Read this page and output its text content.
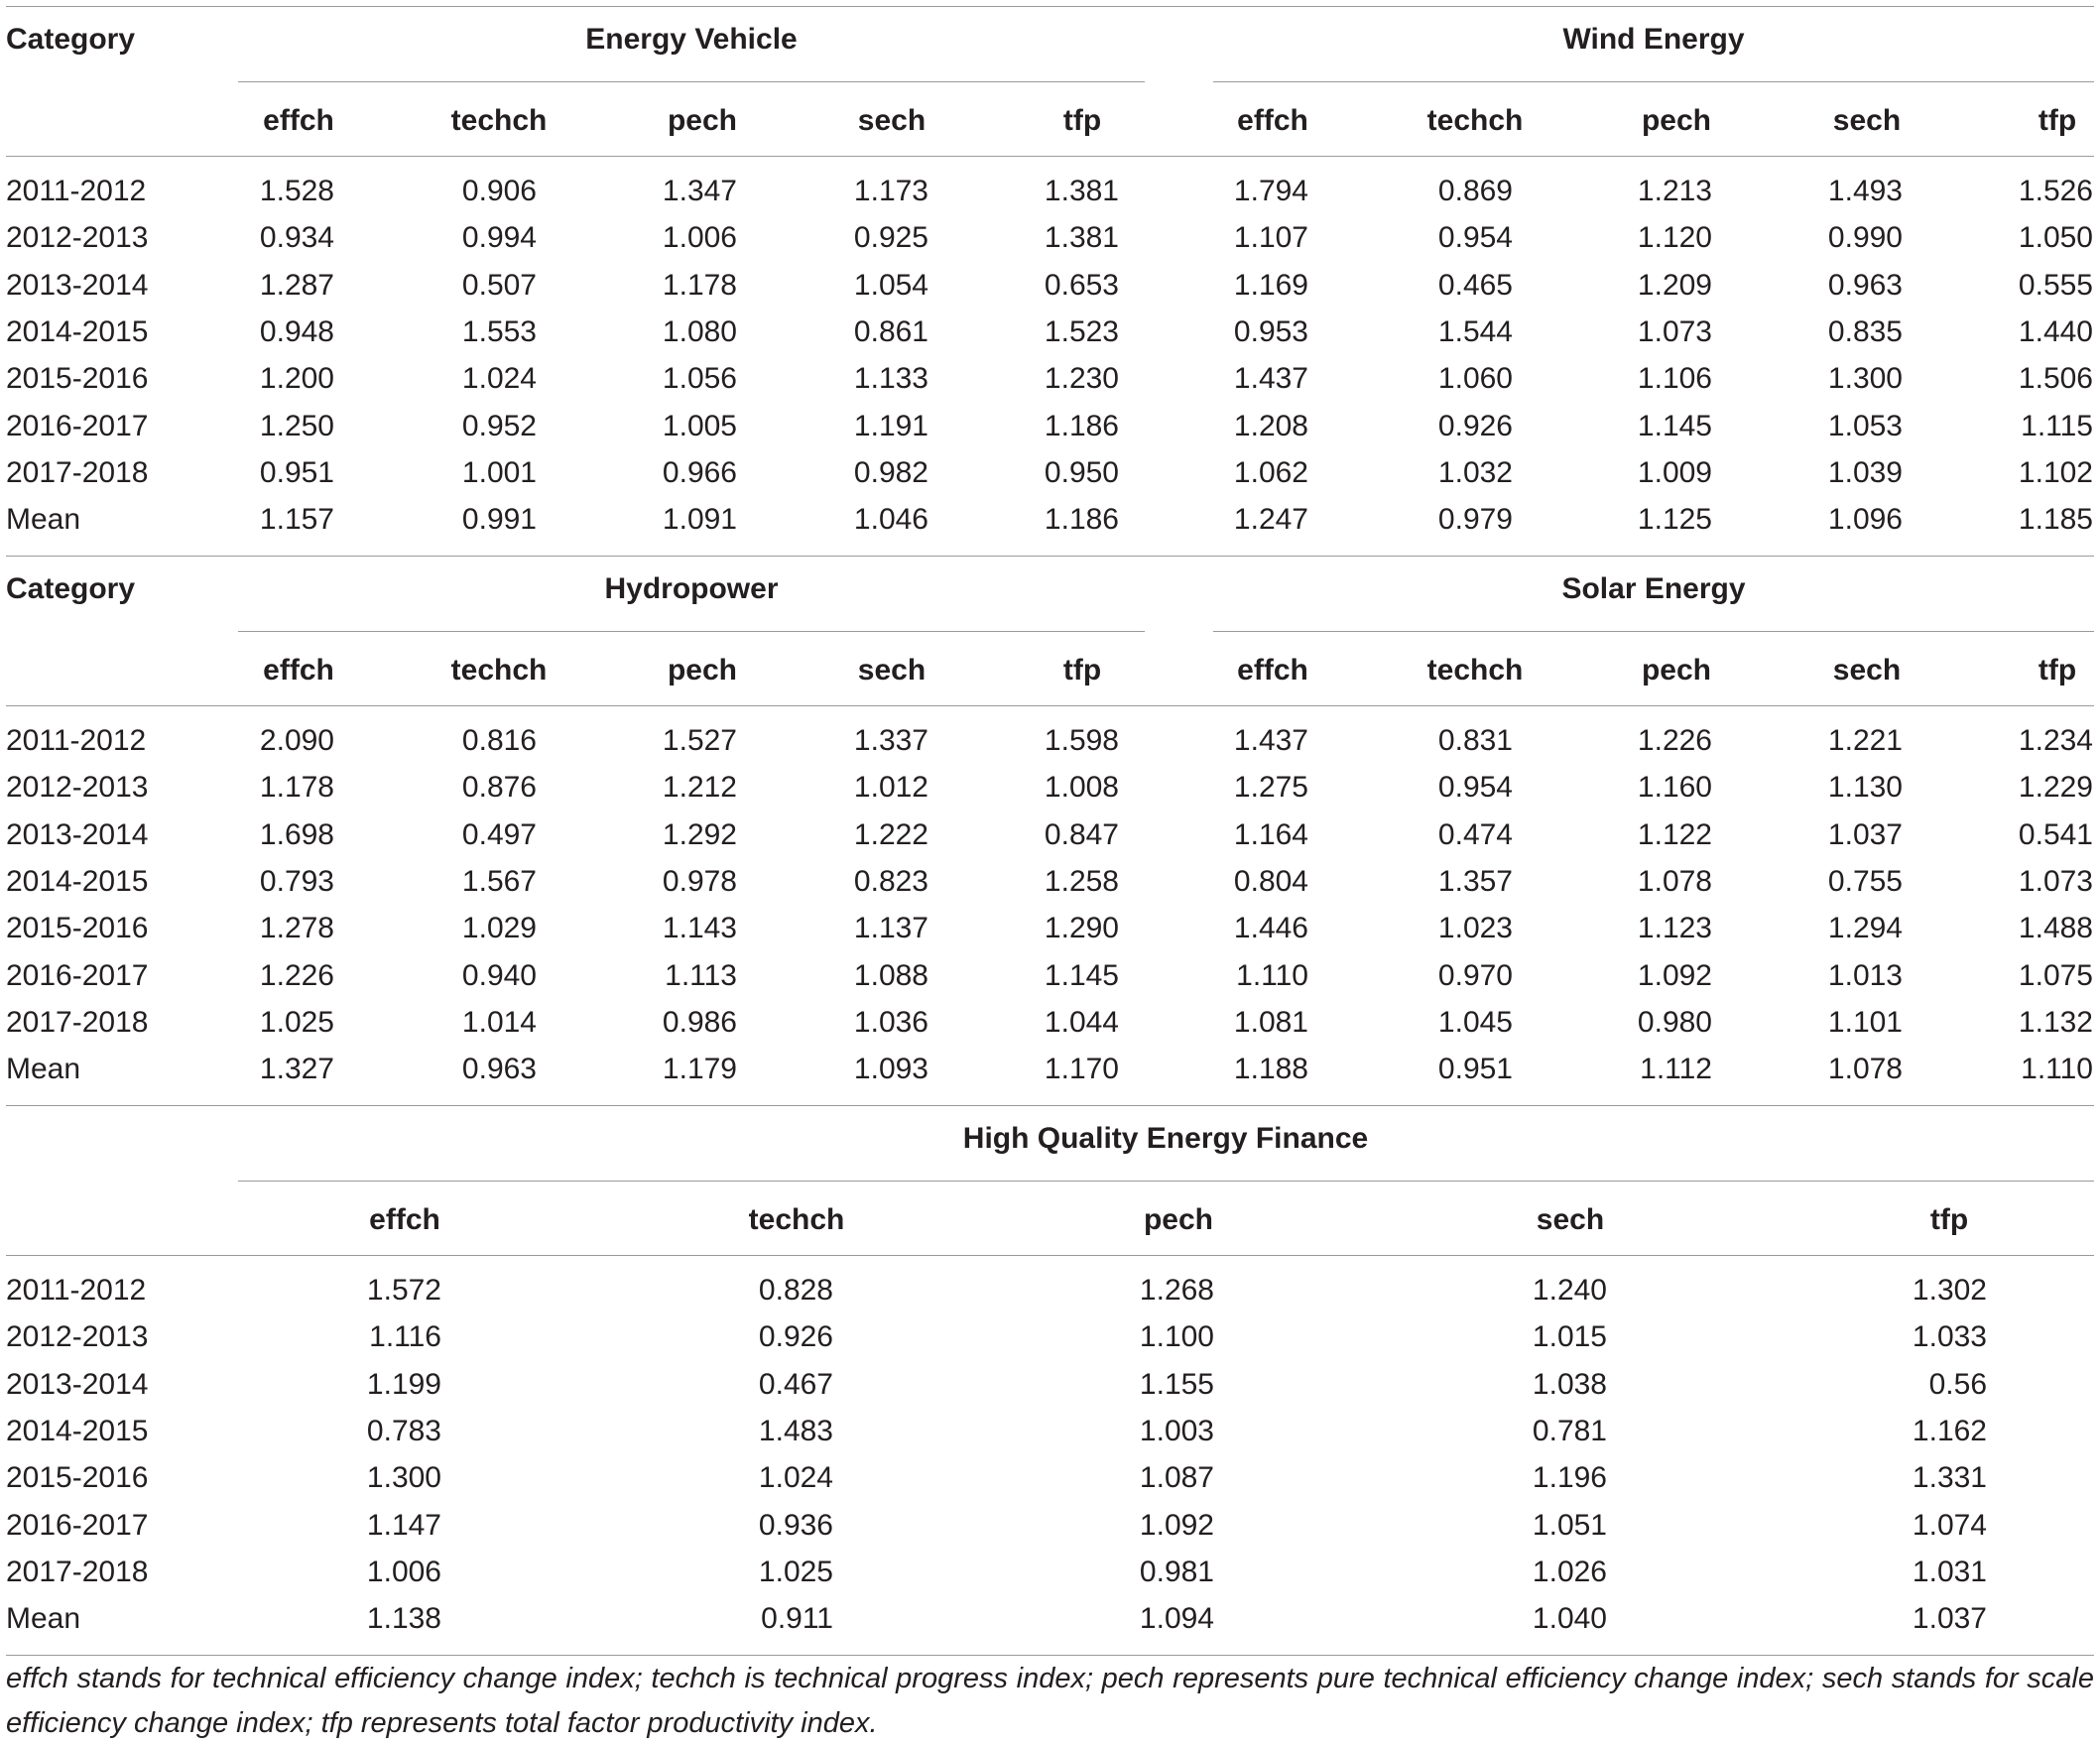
Category	Energy Vehicle	Wind Energy
effch	techch	pech	sech	tfp	effch	techch	pech	sech	tfp
2011-2012	1.528	0.906	1.347	1.173	1.381	1.794	0.869	1.213	1.493	1.526
2012-2013	0.934	0.994	1.006	0.925	1.381	1.107	0.954	1.120	0.990	1.050
2013-2014	1.287	0.507	1.178	1.054	0.653	1.169	0.465	1.209	0.963	0.555
2014-2015	0.948	1.553	1.080	0.861	1.523	0.953	1.544	1.073	0.835	1.440
2015-2016	1.200	1.024	1.056	1.133	1.230	1.437	1.060	1.106	1.300	1.506
2016-2017	1.250	0.952	1.005	1.191	1.186	1.208	0.926	1.145	1.053	1.115
2017-2018	0.951	1.001	0.966	0.982	0.950	1.062	1.032	1.009	1.039	1.102
Mean	1.157	0.991	1.091	1.046	1.186	1.247	0.979	1.125	1.096	1.185
Category	Hydropower	Solar Energy
effch	techch	pech	sech	tfp	effch	techch	pech	sech	tfp
2011-2012	2.090	0.816	1.527	1.337	1.598	1.437	0.831	1.226	1.221	1.234
2012-2013	1.178	0.876	1.212	1.012	1.008	1.275	0.954	1.160	1.130	1.229
2013-2014	1.698	0.497	1.292	1.222	0.847	1.164	0.474	1.122	1.037	0.541
2014-2015	0.793	1.567	0.978	0.823	1.258	0.804	1.357	1.078	0.755	1.073
2015-2016	1.278	1.029	1.143	1.137	1.290	1.446	1.023	1.123	1.294	1.488
2016-2017	1.226	0.940	1.113	1.088	1.145	1.110	0.970	1.092	1.013	1.075
2017-2018	1.025	1.014	0.986	1.036	1.044	1.081	1.045	0.980	1.101	1.132
Mean	1.327	0.963	1.179	1.093	1.170	1.188	0.951	1.112	1.078	1.110
High Quality Energy Finance
effch	techch	pech	sech	tfp
2011-2012	1.572	0.828	1.268	1.240	1.302
2012-2013	1.116	0.926	1.100	1.015	1.033
2013-2014	1.199	0.467	1.155	1.038	0.56
2014-2015	0.783	1.483	1.003	0.781	1.162
2015-2016	1.300	1.024	1.087	1.196	1.331
2016-2017	1.147	0.936	1.092	1.051	1.074
2017-2018	1.006	1.025	0.981	1.026	1.031
Mean	1.138	0.911	1.094	1.040	1.037
effch stands for technical efficiency change index; techch is technical progress index; pech represents pure technical efficiency change index; sech stands for scale efficiency change index; tfp represents total factor productivity index.
